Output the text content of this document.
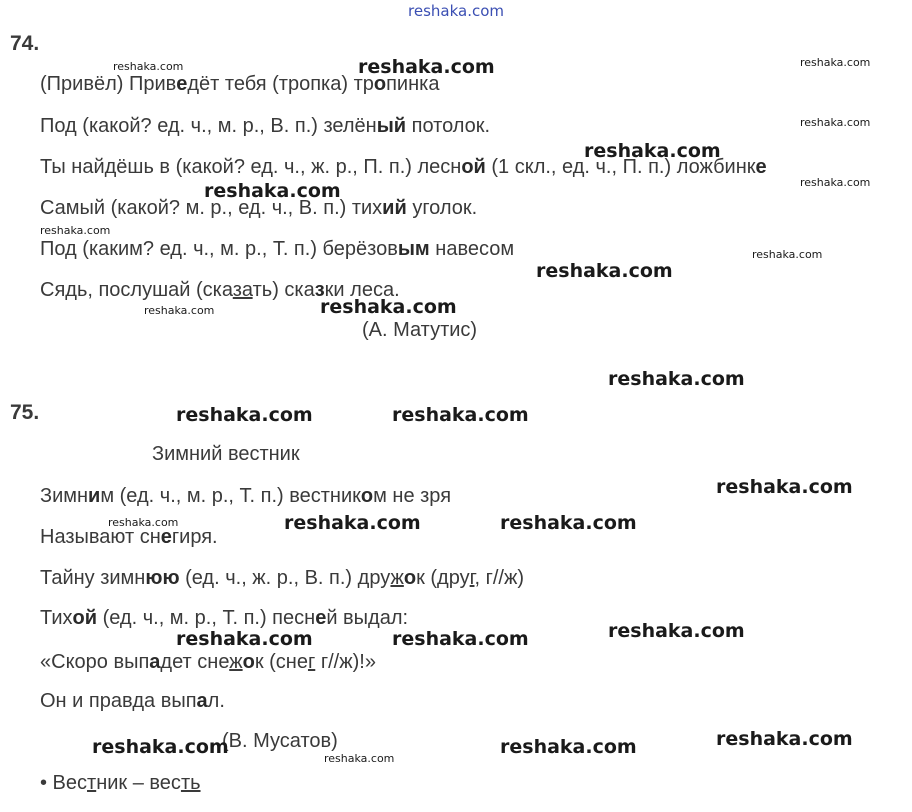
reshaka.com
74.
(Привёл) Приведёт тебя (тропка) тропинка
Под (какой? ед. ч., м. р., В. п.) зелёный потолок.
Ты найдёшь в (какой? ед. ч., ж. р., П. п.) лесной (1 скл., ед. ч., П. п.) ложбинке
Самый (какой? м. р., ед. ч., В. п.) тихий уголок.
Под (каким? ед. ч., м. р., Т. п.) берёзовым навесом
Сядь, послушай (сказать) сказки леса.
(А. Матутис)
75.
Зимний вестник
Зимним (ед. ч., м. р., Т. п.) вестником не зря
Называют снегиря.
Тайну зимнюю (ед. ч., ж. р., В. п.) дружок (друг, г//ж)
Тихой (ед. ч., м. р., Т. п.) песней выдал:
«Скоро выпадет снежок (снег г//ж)!»
Он и правда выпал.
(В. Мусатов)
• Вестник – весть
reshaka.com	reshaka.com	reshaka.com
reshaka.com
reshaka.com
reshaka.com
reshaka.com
reshaka.com
reshaka.com
reshaka.com
reshaka.com
reshaka.com
reshaka.com
reshaka.com	reshaka.com
reshaka.com
reshaka.com	reshaka.com	reshaka.com
reshaka.com
reshaka.com	reshaka.com
reshaka.com
reshaka.com	reshaka.com
reshaka.com
